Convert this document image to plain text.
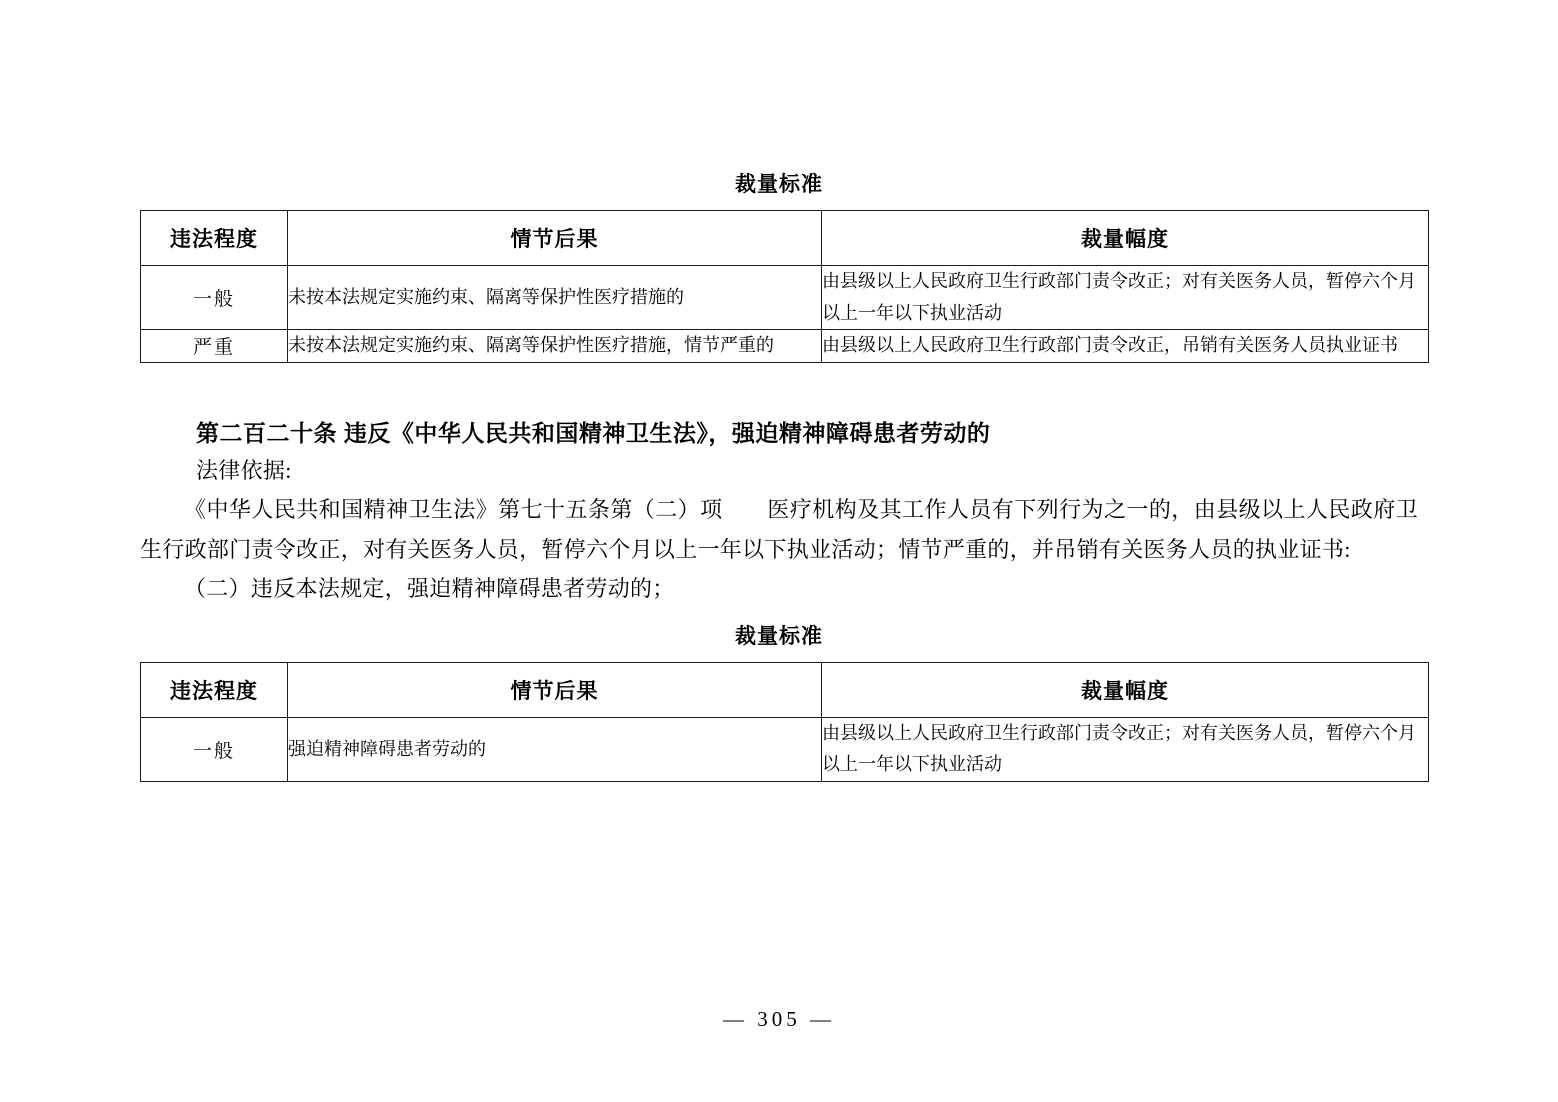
裁量标准
违法程度	情节后果	裁量幅度
一般	未按本法规定实施约束、隔离等保护性医疗措施的	由县级以上人民政府卫生行政部门责令改正；对有关医务人员，暂停六个月以上一年以下执业活动
严重	未按本法规定实施约束、隔离等保护性医疗措施，情节严重的	由县级以上人民政府卫生行政部门责令改正，吊销有关医务人员执业证书

第二百二十条 违反《中华人民共和国精神卫生法》，强迫精神障碍患者劳动的

法律依据:

《中华人民共和国精神卫生法》第七十五条第（二）项　　医疗机构及其工作人员有下列行为之一的，由县级以上人民政府卫生行政部门责令改正，对有关医务人员，暂停六个月以上一年以下执业活动；情节严重的，并吊销有关医务人员的执业证书:

（二）违反本法规定，强迫精神障碍患者劳动的；

裁量标准
违法程度	情节后果	裁量幅度
一般	强迫精神障碍患者劳动的	由县级以上人民政府卫生行政部门责令改正；对有关医务人员，暂停六个月以上一年以下执业活动
— 305 —
